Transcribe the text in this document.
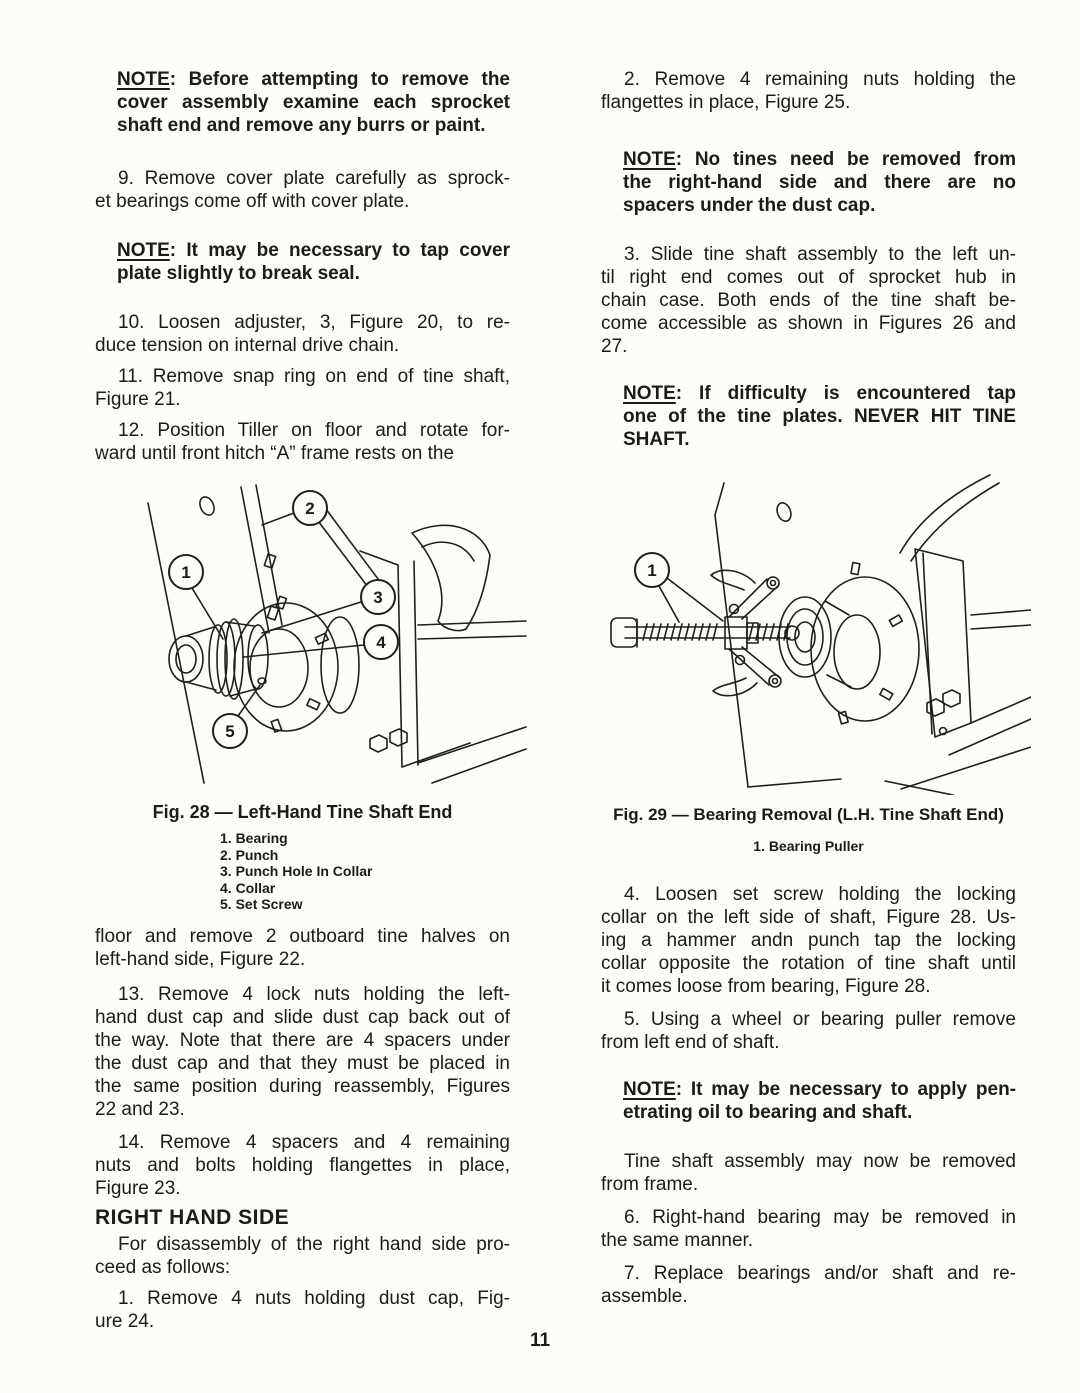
NOTE: Before attempting to remove the
cover assembly examine each sprocket
shaft end and remove any burrs or paint.
9. Remove cover plate carefully as sprock-
et bearings come off with cover plate.
NOTE: It may be necessary to tap cover
plate slightly to break seal.
10. Loosen adjuster, 3, Figure 20, to re-
duce tension on internal drive chain.
11. Remove snap ring on end of tine shaft,
Figure 21.
12. Position Tiller on floor and rotate for-
ward until front hitch “A” frame rests on the
1
2
3
4
5
Fig. 28 — Left-Hand Tine Shaft End
1. Bearing
2. Punch
3. Punch Hole In Collar
4. Collar
5. Set Screw
floor and remove 2 outboard tine halves on
left-hand side, Figure 22.
13. Remove 4 lock nuts holding the left-
hand dust cap and slide dust cap back out of
the way. Note that there are 4 spacers under
the dust cap and that they must be placed in
the same position during reassembly, Figures
22 and 23.
14. Remove 4 spacers and 4 remaining
nuts and bolts holding flangettes in place,
Figure 23.
RIGHT HAND SIDE
For disassembly of the right hand side pro-
ceed as follows:
1. Remove 4 nuts holding dust cap, Fig-
ure 24.
2. Remove 4 remaining nuts holding the
flangettes in place, Figure 25.
NOTE: No tines need be removed from
the right-hand side and there are no
spacers under the dust cap.
3. Slide tine shaft assembly to the left un-
til right end comes out of sprocket hub in
chain case. Both ends of the tine shaft be-
come accessible as shown in Figures 26 and
27.
NOTE: If difficulty is encountered tap
one of the tine plates. NEVER HIT TINE
SHAFT.
1
Fig. 29 — Bearing Removal (L.H. Tine Shaft End)
1. Bearing Puller
4. Loosen set screw holding the locking
collar on the left side of shaft, Figure 28. Us-
ing a hammer andn punch tap the locking
collar opposite the rotation of tine shaft until
it comes loose from bearing, Figure 28.
5. Using a wheel or bearing puller remove
from left end of shaft.
NOTE: It may be necessary to apply pen-
etrating oil to bearing and shaft.
Tine shaft assembly may now be removed
from frame.
6. Right-hand bearing may be removed in
the same manner.
7. Replace bearings and/or shaft and re-
assemble.
11
